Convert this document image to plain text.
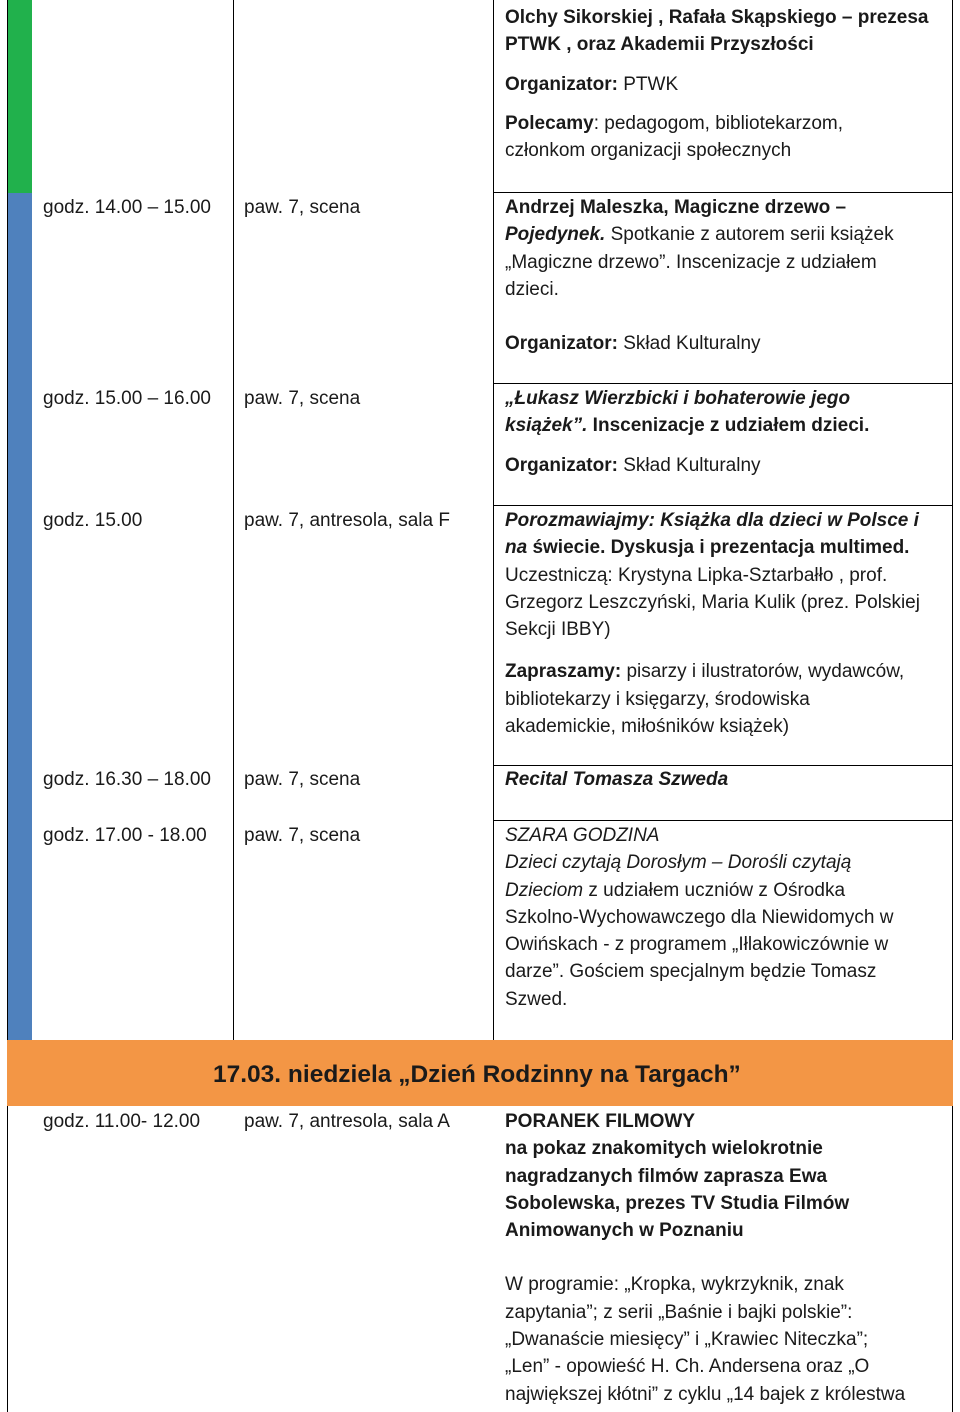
Olchy Sikorskiej , Rafała Skąpskiego – prezesa
PTWK , oraz Akademii Przyszłości
Organizator: PTWK
Polecamy: pedagogom, bibliotekarzom,
członkom organizacji społecznych
godz. 14.00 – 15.00	paw. 7, scena	Andrzej Maleszka, Magiczne drzewo –
Pojedynek. Spotkanie z autorem serii książek
„Magiczne drzewo”. Inscenizacje z udziałem
dzieci.
Organizator: Skład Kulturalny
godz. 15.00 – 16.00	paw. 7, scena	„Łukasz Wierzbicki i bohaterowie jego
książek”. Inscenizacje z udziałem dzieci.
Organizator: Skład Kulturalny
godz. 15.00	paw. 7, antresola, sala F	Porozmawiajmy: Książka dla dzieci w Polsce i
na świecie. Dyskusja i prezentacja multimed.
Uczestniczą: Krystyna Lipka-Sztarbałło , prof.
Grzegorz Leszczyński, Maria Kulik (prez. Polskiej
Sekcji IBBY)
Zapraszamy: pisarzy i ilustratorów, wydawców,
bibliotekarzy i księgarzy, środowiska
akademickie, miłośników książek)
godz. 16.30 – 18.00	paw. 7, scena	Recital Tomasza Szweda
godz. 17.00 - 18.00	paw. 7, scena	SZARA GODZINA
Dzieci czytają Dorosłym – Dorośli czytają
Dzieciom z udziałem uczniów z Ośrodka
Szkolno-Wychowawczego dla Niewidomych w
Owińskach - z programem „Iłlakowiczównie w
darze”. Gościem specjalnym będzie Tomasz
Szwed.
17.03. niedziela „Dzień Rodzinny na Targach”
godz. 11.00- 12.00	paw. 7, antresola, sala A	PORANEK FILMOWY
na pokaz znakomitych wielokrotnie
nagradzanych filmów zaprasza Ewa
Sobolewska, prezes TV Studia Filmów
Animowanych w Poznaniu
W programie: „Kropka, wykrzyknik, znak
zapytania”; z serii „Baśnie i bajki polskie”:
„Dwanaście miesięcy” i „Krawiec Niteczka”;
„Len” - opowieść H. Ch. Andersena oraz „O
największej kłótni” z cyklu „14 bajek z królestwa
